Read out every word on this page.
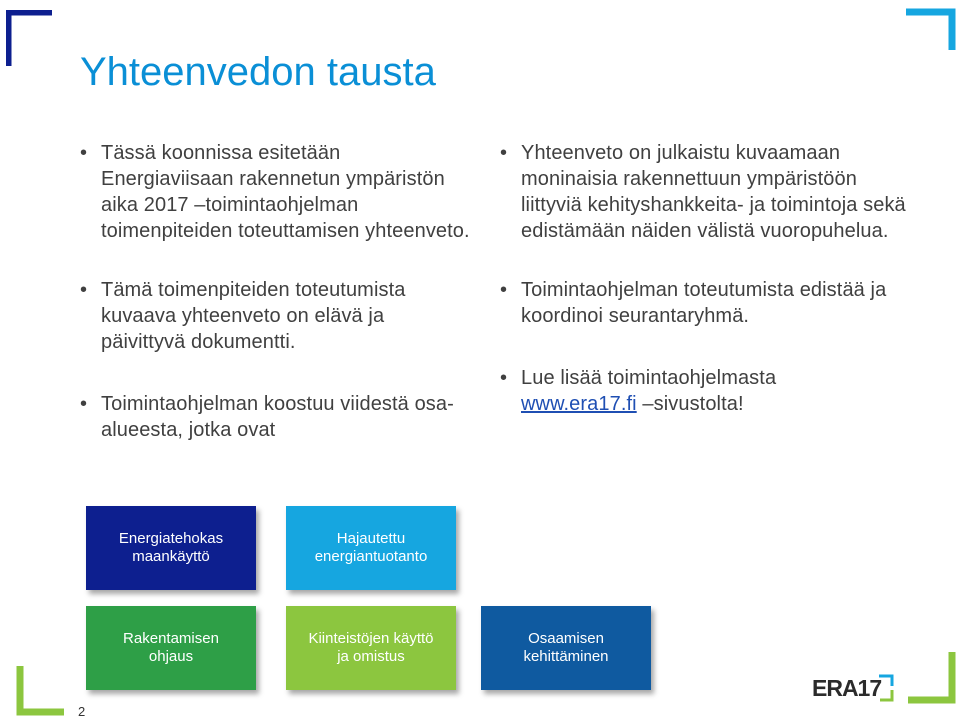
Yhteenvedon tausta
• Tässä koonnissa esitetään Energiaviisaan rakennetun ympäristön aika 2017 –toimintaohjelman toimenpiteiden toteuttamisen yhteenveto.
• Tämä toimenpiteiden toteutumista kuvaava yhteenveto on elävä ja päivittyvä dokumentti.
• Toimintaohjelman koostuu viidestä osa-alueesta, jotka ovat
• Yhteenveto on julkaistu kuvaamaan moninaisia rakennettuun ympäristöön liittyviä kehityshankkeita- ja toimintoja sekä edistämään näiden välistä vuoropuhelua.
• Toimintaohjelman toteutumista edistää ja koordinoi seurantaryhmä.
• Lue lisää toimintaohjelmasta
www.era17.fi –sivustolta!
Energiatehokas
maankäyttö
Hajautettu
energiantuotanto
Rakentamisen
ohjaus
Kiinteistöjen käyttö
ja omistus
Osaamisen
kehittäminen
ERA17
2
